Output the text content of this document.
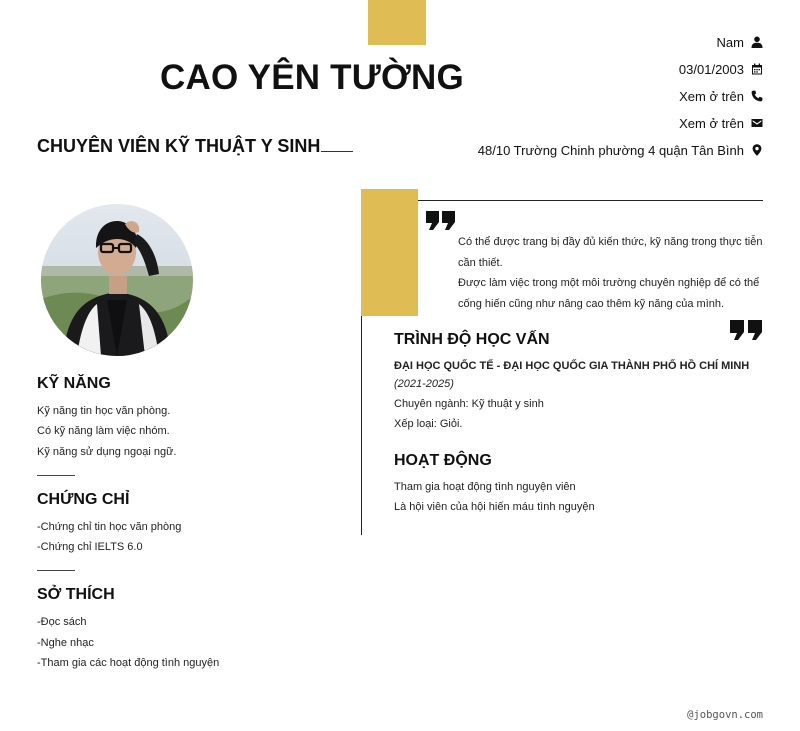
CAO YÊN TƯỜNG
CHUYÊN VIÊN KỸ THUẬT Y SINH
Nam
03/01/2003
Xem ở trên
Xem ở trên
48/10 Trường Chinh phường 4 quận Tân Bình
KỸ NĂNG
Kỹ năng tin học văn phòng.
Có kỹ năng làm việc nhóm.
Kỹ năng sử dụng ngoại ngữ.
CHỨNG CHỈ
-Chứng chỉ tin học văn phòng
-Chứng chỉ IELTS 6.0
SỞ THÍCH
-Đọc sách
-Nghe nhạc
-Tham gia các hoạt động tình nguyện
Có thể được trang bị đầy đủ kiến thức, kỹ năng trong thực tiễn cần thiết.
Được làm việc trong một môi trường chuyên nghiệp để có thể cống hiến cũng như nâng cao thêm kỹ năng của mình.
TRÌNH ĐỘ HỌC VẤN
ĐẠI HỌC QUỐC TẾ - ĐẠI HỌC QUỐC GIA THÀNH PHỐ HỒ CHÍ MINH
(2021-2025)
Chuyên ngành: Kỹ thuật y sinh
Xếp loại: Giỏi.
HOẠT ĐỘNG
Tham gia hoạt động tình nguyện viên
Là hội viên của hội hiến máu tình nguyện
@jobgovn.com
